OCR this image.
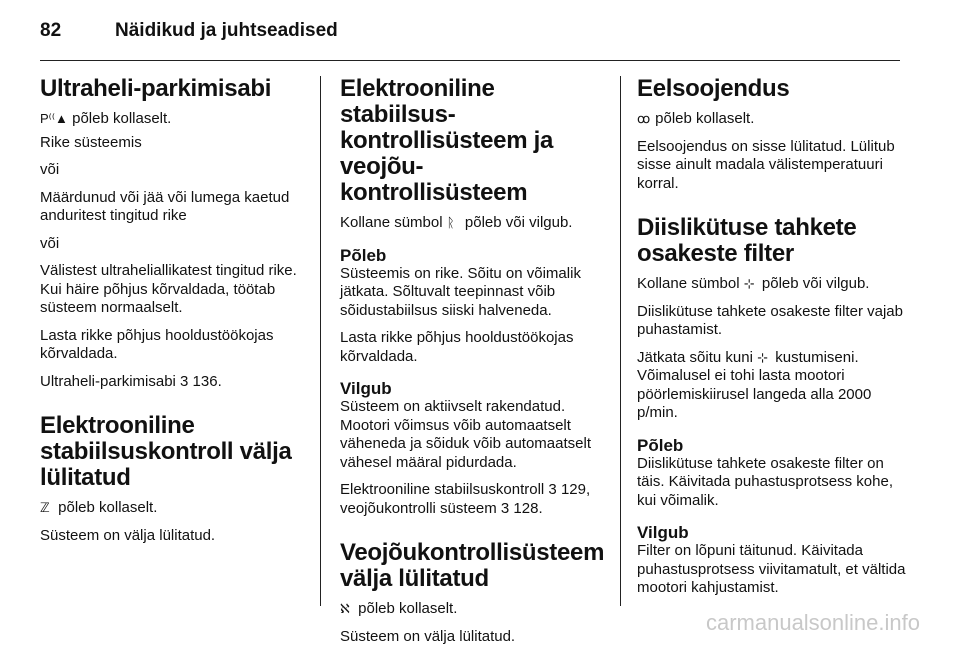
82	Näidikud ja juhtseadised
Ultraheli-parkimisabi

P⁽⁽▲ põleb kollaselt.

Rike süsteemis

või

Määrdunud või jää või lumega kaetud anduritest tingitud rike

või

Välistest ultraheliallikatest tingitud rike. Kui häire põhjus kõrvaldada, töötab süsteem normaalselt.

Lasta rikke põhjus hooldustöökojas kõrvaldada.

Ultraheli-parkimisabi 3 136.

Elektrooniline stabiilsuskontroll välja lülitatud

ℤ põleb kollaselt.

Süsteem on välja lülitatud.

Elektrooniline stabiilsus-kontrollisüsteem ja veojõu-kontrollisüsteem

Kollane sümbol ᚱ põleb või vilgub.

Põleb

Süsteemis on rike. Sõitu on võimalik jätkata. Sõltuvalt teepinnast võib sõidustabiilsus siiski halveneda.

Lasta rikke põhjus hooldustöökojas kõrvaldada.

Vilgub

Süsteem on aktiivselt rakendatud. Mootori võimsus võib automaatselt väheneda ja sõiduk võib automaatselt vähesel määral pidurdada.

Elektrooniline stabiilsuskontroll 3 129, veojõukontrolli süsteem 3 128.

Veojõukontrollisüsteem välja lülitatud

ℵ põleb kollaselt.

Süsteem on välja lülitatud.

Eelsoojendus

ꝏ põleb kollaselt.

Eelsoojendus on sisse lülitatud. Lülitub sisse ainult madala välistemperatuuri korral.

Diislikütuse tahkete osakeste filter

Kollane sümbol ⊹ põleb või vilgub.

Diislikütuse tahkete osakeste filter vajab puhastamist.

Jätkata sõitu kuni ⊹ kustumiseni. Võimalusel ei tohi lasta mootori pöörlemiskiirusel langeda alla 2000 p/min.

Põleb

Diislikütuse tahkete osakeste filter on täis. Käivitada puhastusprotsess kohe, kui võimalik.

Vilgub

Filter on lõpuni täitunud. Käivitada puhastusprotsess viivitamatult, et vältida mootori kahjustamist.

carmanualsonline.info
